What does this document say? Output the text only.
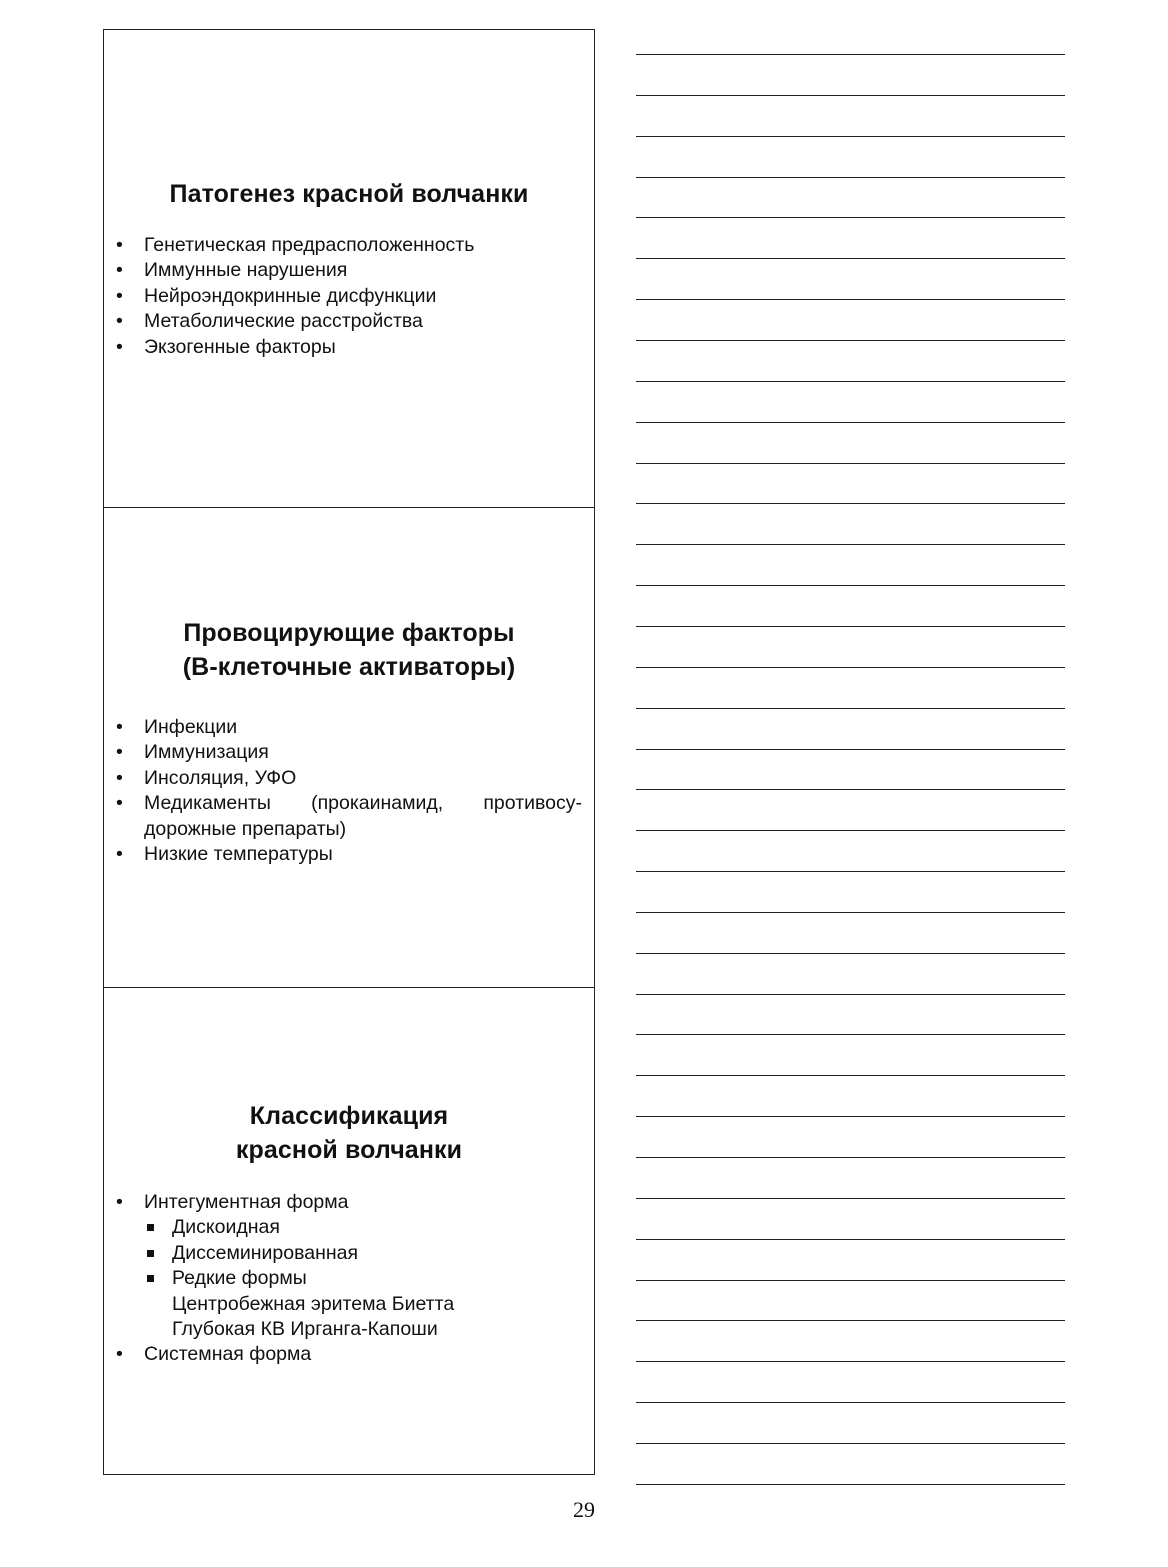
Патогенез красной волчанки
• Генетическая предрасположенность
• Иммунные нарушения
• Нейроэндокринные дисфункции
• Метаболические расстройства
• Экзогенные факторы
Провоцирующие факторы
(В-клеточные активаторы)
• Инфекции
• Иммунизация
• Инсоляция, УФО
• Медикаменты (прокаинамид, противосу-дорожные препараты)
• Низкие температуры
Классификация
красной волчанки
• Интегументная форма
Дискоидная
Диссеминированная
Редкие формы
Центробежная эритема Биетта
Глубокая КВ Ирганга-Капоши
• Системная форма
29
